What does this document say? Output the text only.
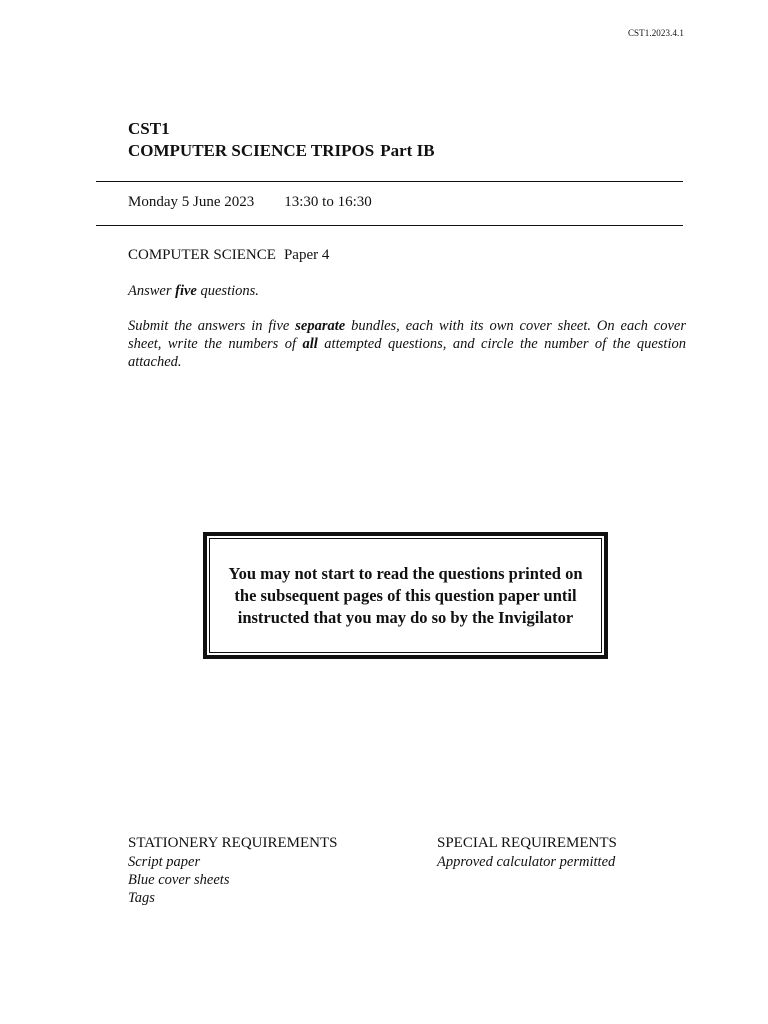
CST1.2023.4.1
CST1
COMPUTER SCIENCE TRIPOS Part IB
Monday 5 June 2023 13:30 to 16:30
COMPUTER SCIENCE Paper 4
Answer five questions.
Submit the answers in five separate bundles, each with its own cover sheet. On each cover sheet, write the numbers of all attempted questions, and circle the number of the question attached.
You may not start to read the questions printed on the subsequent pages of this question paper until instructed that you may do so by the Invigilator
STATIONERY REQUIREMENTS
Script paper
Blue cover sheets
Tags
SPECIAL REQUIREMENTS
Approved calculator permitted
